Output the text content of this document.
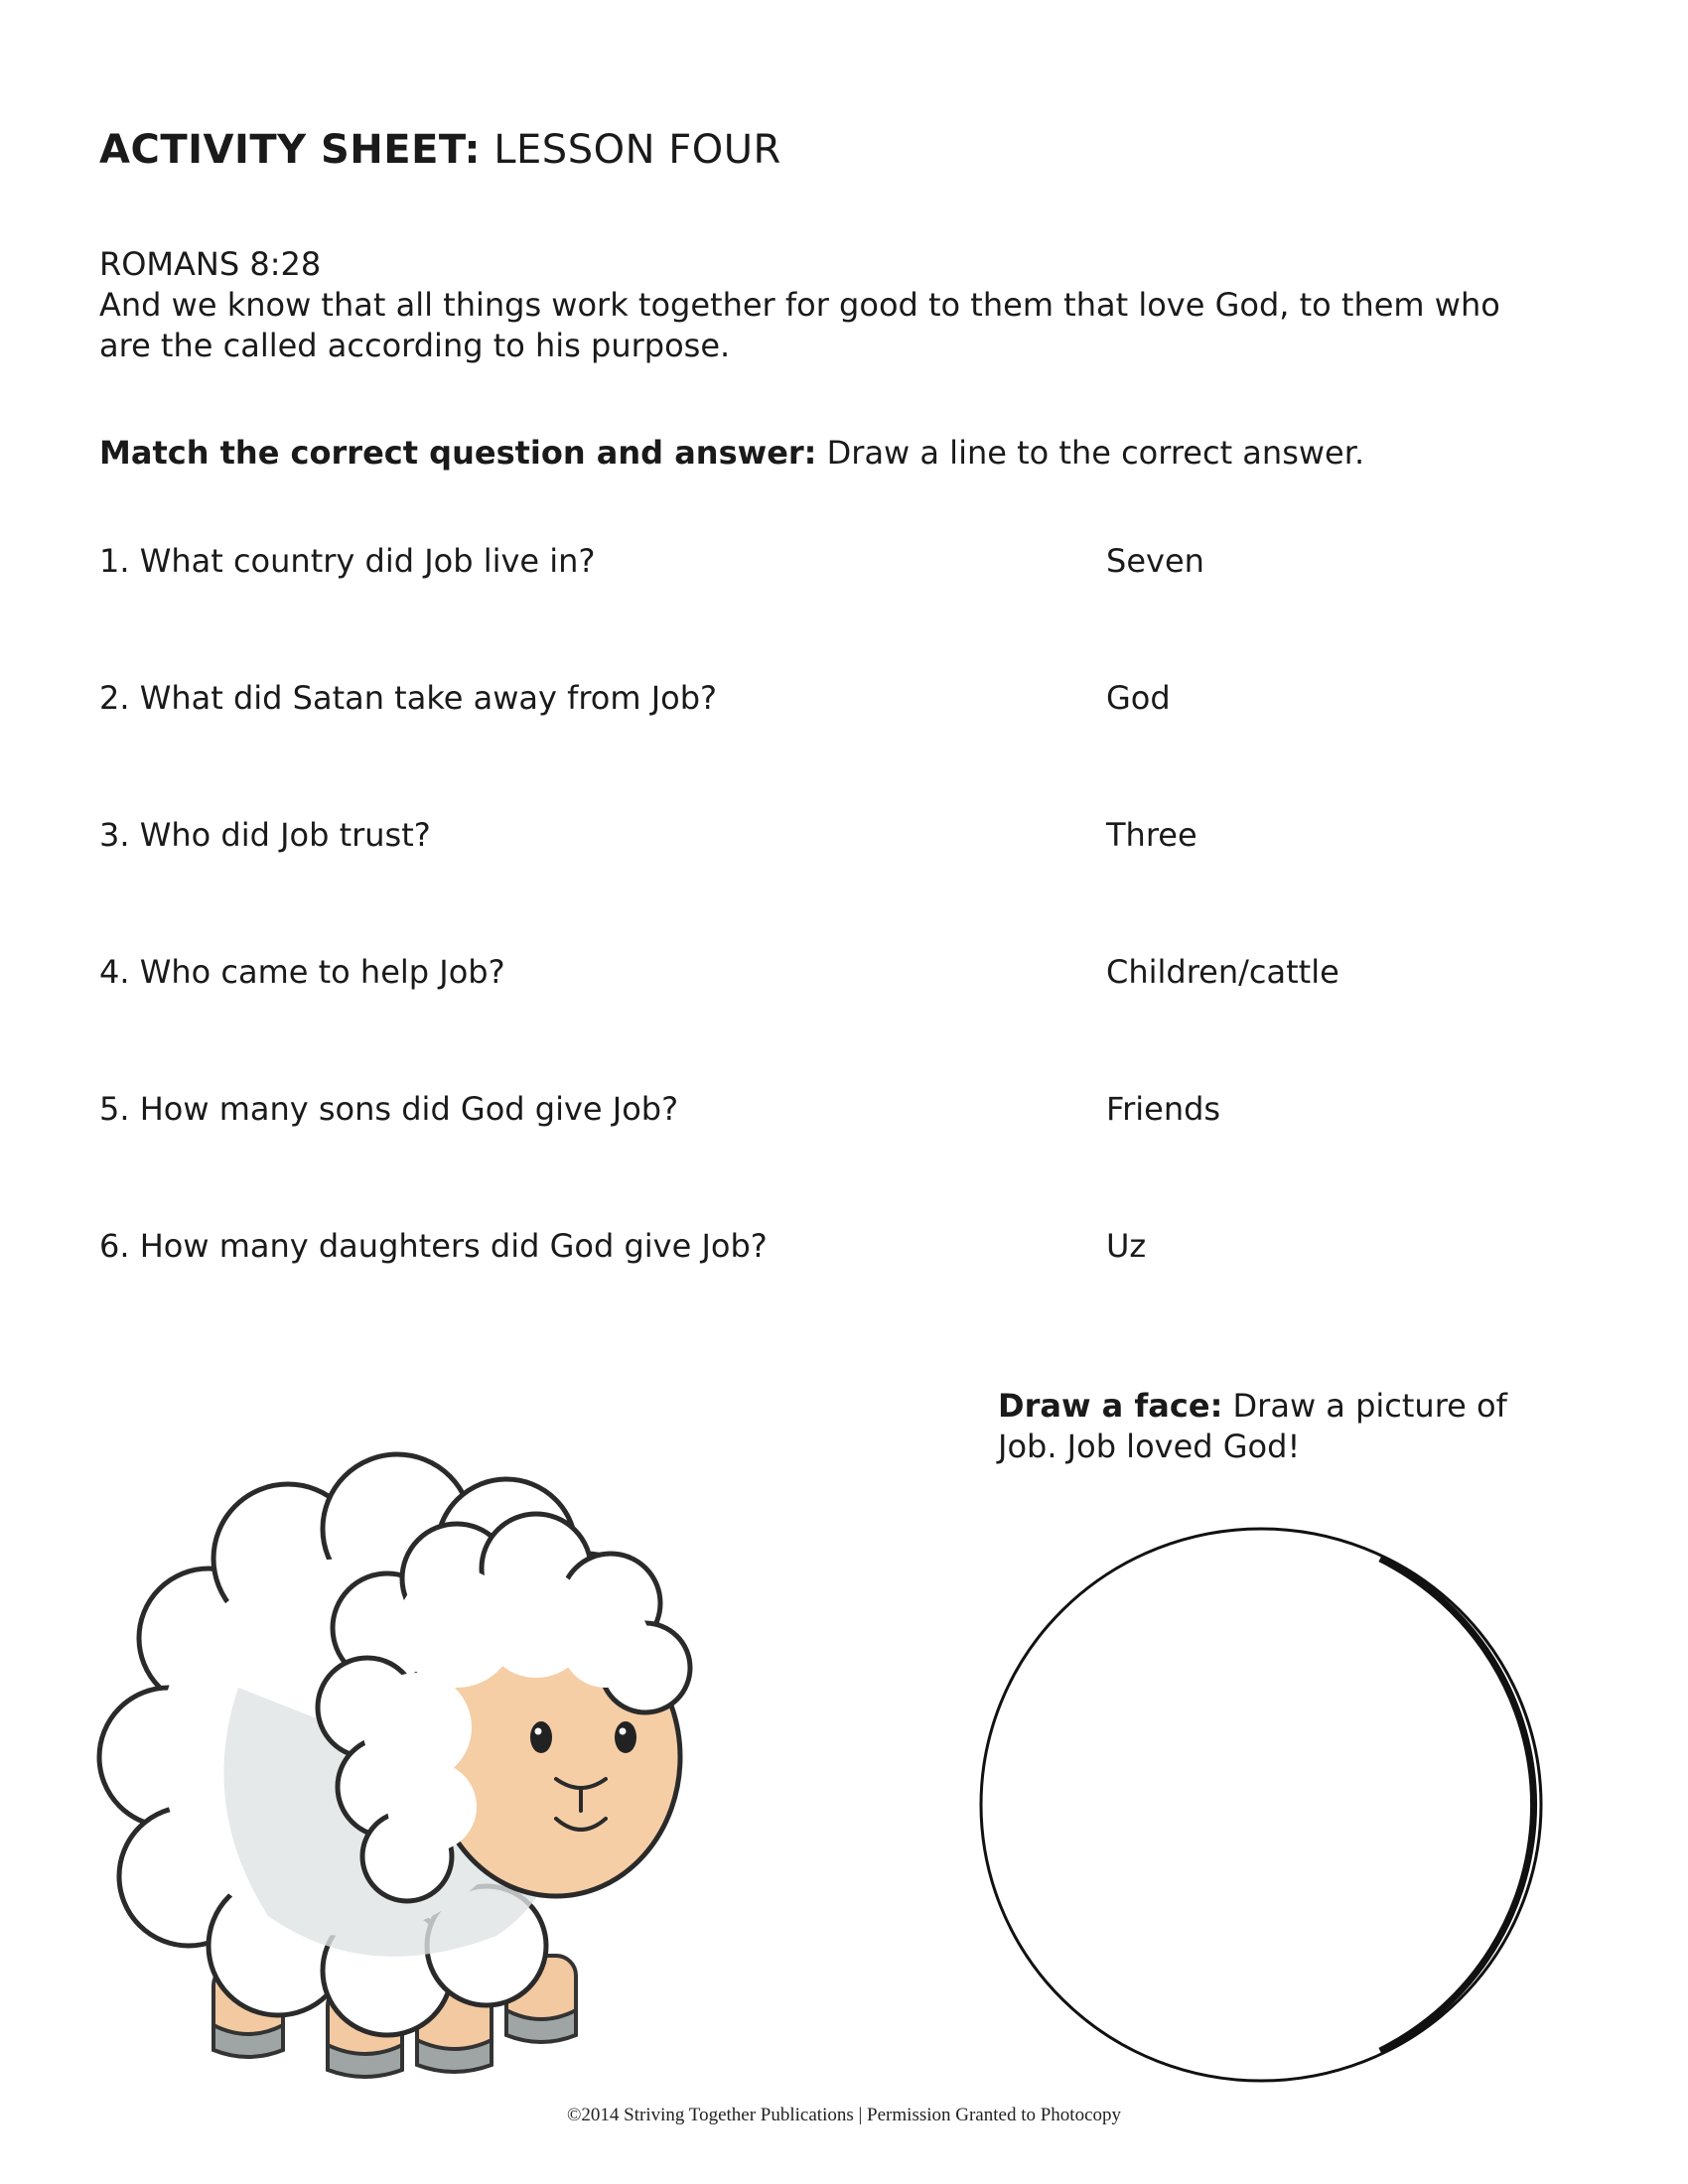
ACTIVITY SHEET: LESSON FOUR
ROMANS 8:28
And we know that all things work together for good to them that love God, to them who are the called according to his purpose.
Match the correct question and answer: Draw a line to the correct answer.
1. What country did Job live in?
2. What did Satan take away from Job?
3. Who did Job trust?
4. Who came to help Job?
5. How many sons did God give Job?
6. How many daughters did God give Job?
Seven
God
Three
Children/cattle
Friends
Uz
Draw a face: Draw a picture of Job. Job loved God!
©2014 Striving Together Publications | Permission Granted to Photocopy
